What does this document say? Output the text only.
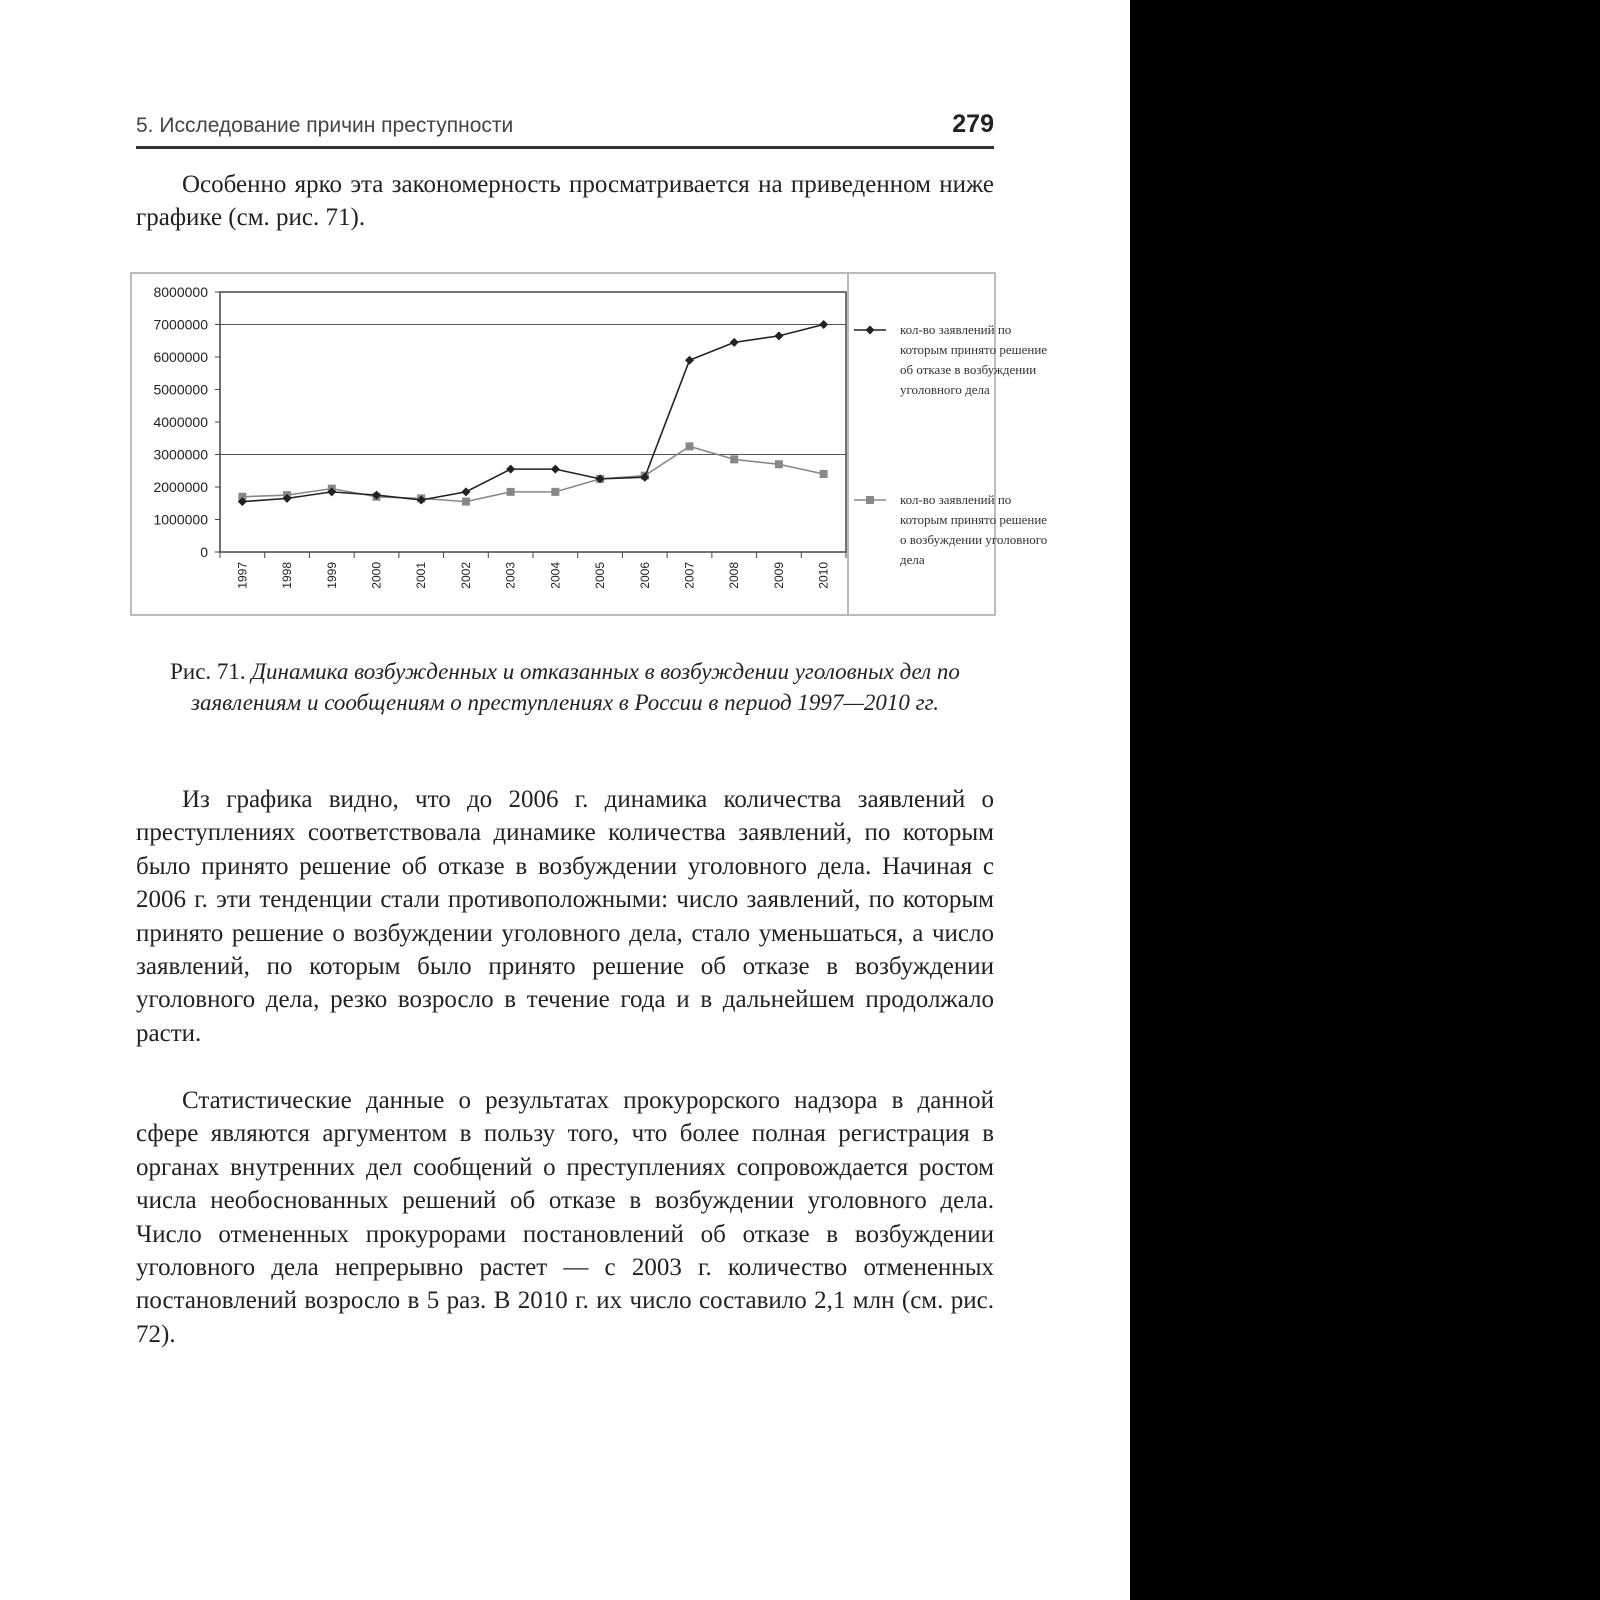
5. Исследование причин преступности	279

Особенно ярко эта закономерность просматривается на приведенном ниже графике (см. рис. 71).

8000000
7000000
6000000
5000000
4000000
3000000
2000000
1000000
0
1997	1998	1999	2000	2001	2002	2003	2004	2005	2006	2007	2008	2009	2010
кол-во заявлений по
которым принято решение
об отказе в возбуждении
уголовного дела
кол-во заявлений по
которым принято решение
о возбуждении уголовного
дела
Рис. 71. Динамика возбужденных и отказанных в возбуждении уголовных дел по заявлениям и сообщениям о преступлениях в России в период 1997—2010 гг.

Из графика видно, что до 2006 г. динамика количества заявлений о преступлениях соответствовала динамике количества заявлений, по которым было принято решение об отказе в возбуждении уголовного дела. Начиная с 2006 г. эти тенденции стали противоположными: число заявлений, по которым принято решение о возбуждении уголовного дела, стало уменьшаться, а число заявлений, по которым было принято решение об отказе в возбуждении уголовного дела, резко возросло в течение года и в дальнейшем продолжало расти.

Статистические данные о результатах прокурорского надзора в данной сфере являются аргументом в пользу того, что более полная регистрация в органах внутренних дел сообщений о преступлениях сопровождается ростом числа необоснованных решений об отказе в возбуждении уголовного дела. Число отмененных прокурорами постановлений об отказе в возбуждении уголовного дела непрерывно растет — с 2003 г. количество отмененных постановлений возросло в 5 раз. В 2010 г. их число составило 2,1 млн (см. рис. 72).
